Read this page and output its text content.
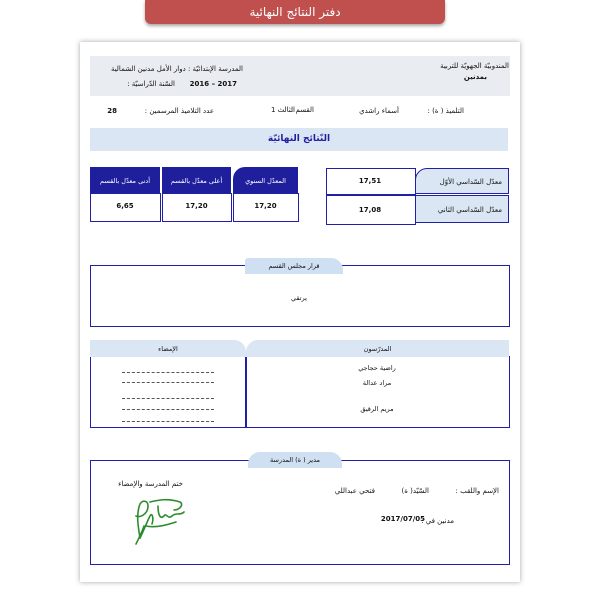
دفتر النتائج النهائية
المندوبيّة الجهويّة للتربية
بمدنين
المدرسة الإبتدائيّة : دوار الأمل مدنين الشمالية
السّنة الدّراسيّة : 2016 – 2017
التلميذ ( ة) :
أسماء راشدي
القسم :
الثالث 1
عدد التلاميذ المرسمين :
28
النّتائج النهائيّة
17,51	معدّل السّداسي الأوّل
17,08	معدّل السّداسي الثاني
المعدّل السنوي
17,20
أعلى معدّل بالقسم
17,20
أدنى معدّل بالقسم
6,65
قرار مجلس القسم
يرتقي
المدرّسون
راضية حجاجي
مراد عدالة
مريم الرقيق
الإمضاء
مدير ( ة) المدرسة
ختم المدرسة والإمضاء
الإسم واللقب :
السّيّد( ة)
فتحي عبداللي
مدنين في :
2017/07/05
